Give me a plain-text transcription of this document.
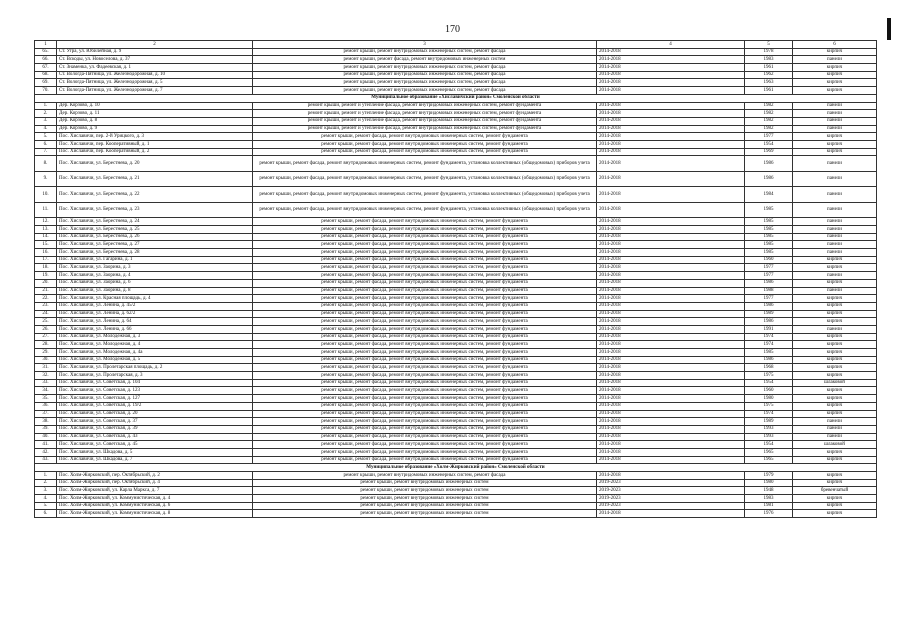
170
1	2	3	4	5	6
65.	Ст. Угра, ул. Юбилейная, д. 9	ремонт крыши, ремонт внутридомовых инженерных систем, ремонт фасада	2014-2018	1978	кирпич
66.	Ст. Вскоды, ул. Новоселова, д. 37	ремонт крыши, ремонт фасада, ремонт внутридомовых инженерных систем	2014-2018	1983	панели
67.	Ст. Знаменка, ул. Фадеевская, д. 1	ремонт крыши, ремонт внутридомовых инженерных систем, ремонт фасада	2014-2018	1961	кирпич
68.	Ст. Вологда-Пятница, ул. Железнодорожная, д. 10	ремонт крыши, ремонт внутридомовых инженерных систем, ремонт фасада	2014-2018	1962	кирпич
69.	Ст. Вологда-Пятница, ул. Железнодорожная, д. 5	ремонт крыши, ремонт внутридомовых инженерных систем, ремонт фасада	2014-2018	1963	кирпич
70.	Ст. Вологда-Пятница, ул. Железнодорожная, д. 7	ремонт крыши, ремонт внутридомовых инженерных систем, ремонт фасада	2014-2018	1961	кирпич
Муниципальное образование «Хиславичский район» Смоленской области					
1.	Дер. Корзово, д. 10	ремонт крыши, ремонт и утепление фасада, ремонт внутридомовых инженерных систем, ремонт фундамента	2014-2018	1982	панели
2.	Дер. Корзово, д. 11	ремонт крыши, ремонт и утепление фасада, ремонт внутридомовых инженерных систем, ремонт фундамента	2014-2018	1982	панели
3.	Дер. Корзово, д. 8	ремонт крыши, ремонт и утепление фасада, ремонт внутридомовых инженерных систем, ремонт фундамента	2014-2018	1982	панели
4.	Дер. Корзово, д. 9	ремонт крыши, ремонт и утепление фасада, ремонт внутридомовых инженерных систем, ремонт фундамента	2014-2018	1982	панели
5.	Пос. Хиславичи, пер. 2-й Урицкого, д. 3	ремонт крыши, ремонт фасада, ремонт внутридомовых инженерных систем, ремонт фундамента	2014-2018	1977	кирпич
6.	Пос. Хиславичи, пер. Кооперативный, д. 1	ремонт крыши, ремонт фасада, ремонт внутридомовых инженерных систем, ремонт фундамента	2014-2018	1954	кирпич
7.	Пос. Хиславичи, пер. Кооперативный, д. 2	ремонт крыши, ремонт фасада, ремонт внутридомовых инженерных систем, ремонт фундамента	2014-2018	1969	кирпич
8.	Пос. Хиславичи, ул. Берестнева, д. 20	ремонт крыши, ремонт фасада, ремонт внутридомовых инженерных систем, ремонт фундамента, установка коллективных (общедомовых) приборов учета	2014-2018	1986	панели
9.	Пос. Хиславичи, ул. Берестнева, д. 21	ремонт крыши, ремонт фасада, ремонт внутридомовых инженерных систем, ремонт фундамента, установка коллективных (общедомовых) приборов учета	2014-2018	1986	панели
10.	Пос. Хиславичи, ул. Берестнева, д. 22	ремонт крыши, ремонт фасада, ремонт внутридомовых инженерных систем, ремонт фундамента, установка коллективных (общедомовых) приборов учета	2014-2018	1984	панели
11.	Пос. Хиславичи, ул. Берестнева, д. 23	ремонт крыши, ремонт фасада, ремонт внутридомовых инженерных систем, ремонт фундамента, установка коллективных (общедомовых) приборов учета	2014-2018	1985	панели
12.	Пос. Хиславичи, ул. Берестнева, д. 24	ремонт крыши, ремонт фасада, ремонт внутридомовых инженерных систем, ремонт фундамента	2014-2018	1985	панели
13.	Пос. Хиславичи, ул. Берестнева, д. 25	ремонт крыши, ремонт фасада, ремонт внутридомовых инженерных систем, ремонт фундамента	2014-2018	1985	панели
14.	Пос. Хиславичи, ул. Берестнева, д. 26	ремонт крыши, ремонт фасада, ремонт внутридомовых инженерных систем, ремонт фундамента	2014-2018	1985	панели
15.	Пос. Хиславичи, ул. Берестнева, д. 27	ремонт крыши, ремонт фасада, ремонт внутридомовых инженерных систем, ремонт фундамента	2014-2018	1985	панели
16.	Пос. Хиславичи, ул. Берестнева, д. 28	ремонт крыши, ремонт фасада, ремонт внутридомовых инженерных систем, ремонт фундамента	2014-2018	1985	панели
17.	Пос. Хиславичи, ул. Гагарина, д. 1	ремонт крыши, ремонт фасада, ремонт внутридомовых инженерных систем, ремонт фундамента	2014-2018	1960	кирпич
18.	Пос. Хиславичи, ул. Заорина, д. 3	ремонт крыши, ремонт фасада, ремонт внутридомовых инженерных систем, ремонт фундамента	2014-2018	1977	кирпич
19.	Пос. Хиславичи, ул. Заорина, д. 4	ремонт крыши, ремонт фасада, ремонт внутридомовых инженерных систем, ремонт фундамента	2014-2018	1977	панели
20.	Пос. Хиславичи, ул. Заорина, д. 6	ремонт крыши, ремонт фасада, ремонт внутридомовых инженерных систем, ремонт фундамента	2014-2018	1986	кирпич
21.	Пос. Хиславичи, ул. Заорина, д. 8	ремонт крыши, ремонт фасада, ремонт внутридомовых инженерных систем, ремонт фундамента	2014-2018	1988	панели
22.	Пос. Хиславичи, ул. Красная площадь, д. 4	ремонт крыши, ремонт фасада, ремонт внутридомовых инженерных систем, ремонт фундамента	2014-2018	1977	кирпич
23.	Пос. Хиславичи, ул. Ленина, д. 45/2	ремонт крыши, ремонт фасада, ремонт внутридомовых инженерных систем, ремонт фундамента	2014-2018	1986	кирпич
24.	Пос. Хиславичи, ул. Ленина, д. 62/2	ремонт крыши, ремонт фасада, ремонт внутридомовых инженерных систем, ремонт фундамента	2014-2018	1989	кирпич
25.	Пос. Хиславичи, ул. Ленина, д. 64	ремонт крыши, ремонт фасада, ремонт внутридомовых инженерных систем, ремонт фундамента	2014-2018	1986	кирпич
26.	Пос. Хиславичи, ул. Ленина, д. 66	ремонт крыши, ремонт фасада, ремонт внутридомовых инженерных систем, ремонт фундамента	2014-2018	1991	панели
27.	Пос. Хиславичи, ул. Молодежная, д. 3	ремонт крыши, ремонт фасада, ремонт внутридомовых инженерных систем, ремонт фундамента	2014-2018	1974	кирпич
28.	Пос. Хиславичи, ул. Молодежная, д. 4	ремонт крыши, ремонт фасада, ремонт внутридомовых инженерных систем, ремонт фундамента	2014-2018	1974	кирпич
29.	Пос. Хиславичи, ул. Молодежная, д. 4а	ремонт крыши, ремонт фасада, ремонт внутридомовых инженерных систем, ремонт фундамента	2014-2018	1985	кирпич
30.	Пос. Хиславичи, ул. Молодежная, д. 5	ремонт крыши, ремонт фасада, ремонт внутридомовых инженерных систем, ремонт фундамента	2014-2018	1986	кирпич
31.	Пос. Хиславичи, ул. Пролетарская площадь, д. 2	ремонт крыши, ремонт фасада, ремонт внутридомовых инженерных систем, ремонт фундамента	2014-2018	1968	кирпич
32.	Пос. Хиславичи, ул. Пролетарская, д. 3	ремонт крыши, ремонт фасада, ремонт внутридомовых инженерных систем, ремонт фундамента	2014-2018	1975	кирпич
33.	Пос. Хиславичи, ул. Советская, д. 104	ремонт крыши, ремонт фасада, ремонт внутридомовых инженерных систем, ремонт фундамента	2014-2018	1954	шлаковой
34.	Пос. Хиславичи, ул. Советская, д. 123	ремонт крыши, ремонт фасада, ремонт внутридомовых инженерных систем, ремонт фундамента	2014-2018	1960	кирпич
35.	Пос. Хиславичи, ул. Советская, д. 127	ремонт крыши, ремонт фасада, ремонт внутридомовых инженерных систем, ремонт фундамента	2014-2018	1980	кирпич
36.	Пос. Хиславичи, ул. Советская, д. 19/2	ремонт крыши, ремонт фасада, ремонт внутридомовых инженерных систем, ремонт фундамента	2014-2018	1975	кирпич
37.	Пос. Хиславичи, ул. Советская, д. 20	ремонт крыши, ремонт фасада, ремонт внутридомовых инженерных систем, ремонт фундамента	2014-2018	1974	кирпич
38.	Пос. Хиславичи, ул. Советская, д. 37	ремонт крыши, ремонт фасада, ремонт внутридомовых инженерных систем, ремонт фундамента	2014-2018	1989	панели
39.	Пос. Хиславичи, ул. Советская, д. 39	ремонт крыши, ремонт фасада, ремонт внутридомовых инженерных систем, ремонт фундамента	2014-2018	1993	панели
40.	Пос. Хиславичи, ул. Советская, д. 43	ремонт крыши, ремонт фасада, ремонт внутридомовых инженерных систем, ремонт фундамента	2014-2018	1993	панели
41.	Пос. Хиславичи, ул. Советская, д. 45	ремонт крыши, ремонт фасада, ремонт внутридомовых инженерных систем, ремонт фундамента	2014-2018	1954	шлаковой
42.	Пос. Хиславичи, ул. Шкадова, д. 5	ремонт крыши, ремонт фасада, ремонт внутридомовых инженерных систем, ремонт фундамента	2014-2018	1965	кирпич
43.	Пос. Хиславичи, ул. Шкадова, д. 7	ремонт крыши, ремонт фасада, ремонт внутридомовых инженерных систем, ремонт фундамента	2014-2018	1965	кирпич
Муниципальное образование «Холм-Жирковский район» Смоленской области					
1.	Пос. Холм-Жирковский, пер. Октябрьский, д. 2	ремонт крыши, ремонт внутридомовых инженерных систем, ремонт фасада	2014-2018	1979	кирпич
2.	Пос. Холм-Жирковский, пер. Октябрьский, д. 4	ремонт крыши, ремонт внутридомовых инженерных систем	2019-2023	1980	кирпич
3.	Пос. Холм-Жирковский, ул. Карла Маркса, д. 7	ремонт крыши, ремонт внутридомовых инженерных систем	2019-2023	1948	бревенчатый
4.	Пос. Холм-Жирковский, ул. Коммунистическая, д. 4	ремонт крыши, ремонт внутридомовых инженерных систем	2019-2023	1983	кирпич
5.	Пос. Холм-Жирковский, ул. Коммунистическая, д. 6	ремонт крыши, ремонт внутридомовых инженерных систем	2019-2023	1981	кирпич
6.	Пос. Холм-Жирковский, ул. Коммунистическая, д. 8	ремонт крыши, ремонт внутридомовых инженерных систем	2014-2018	1976	кирпич
